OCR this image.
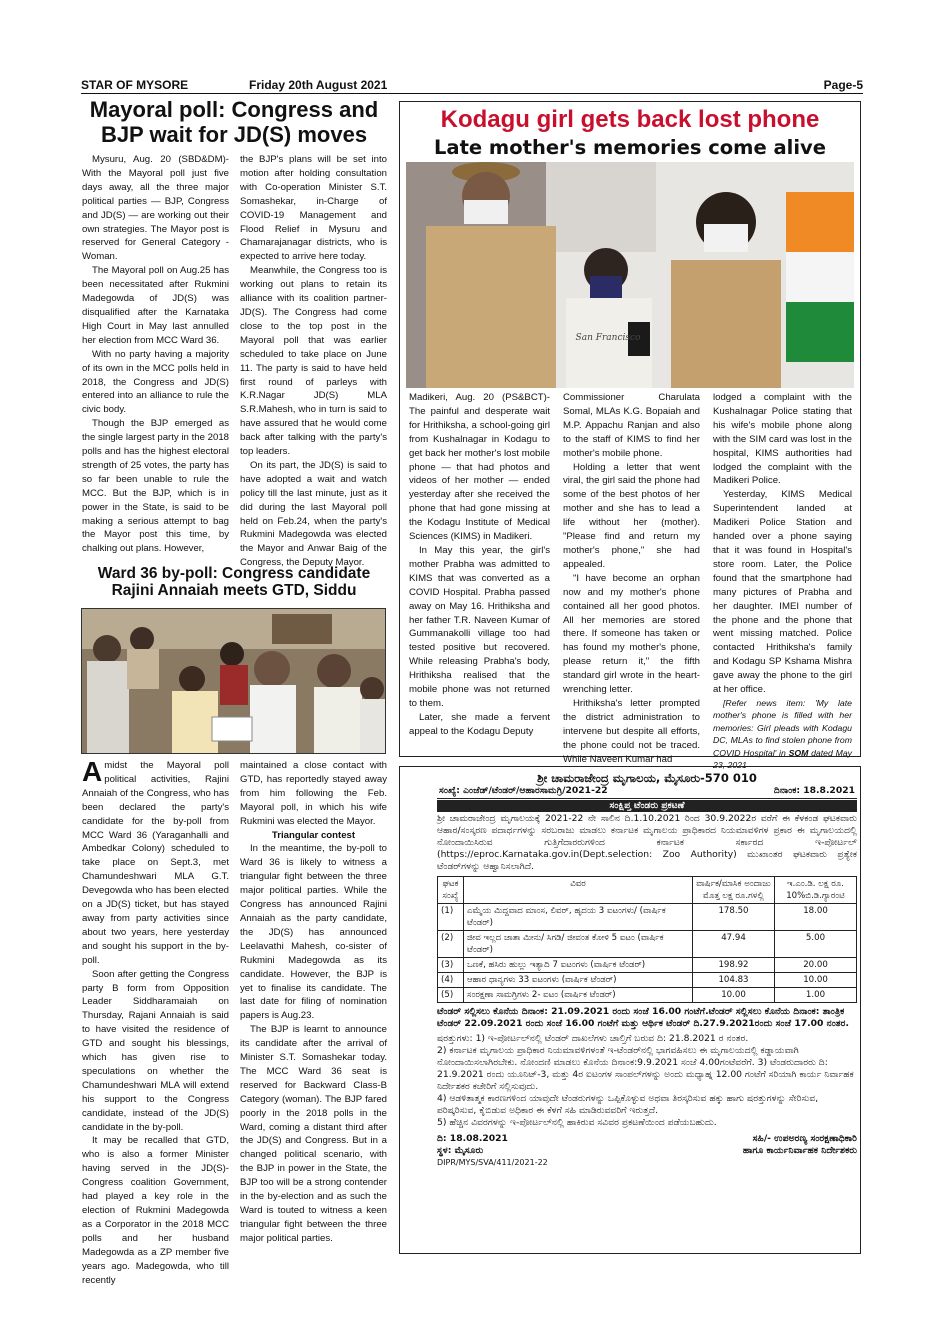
STAR OF MYSORE	Friday 20th August 2021	Page-5
Mayoral poll: Congress and
BJP wait for JD(S) moves

Mysuru, Aug. 20 (SBD&DM)- With the Mayoral poll just five days away, all the three major political parties — BJP, Congress and JD(S) — are working out their own strategies. The Mayor post is reserved for General Category - Woman.

The Mayoral poll on Aug.25 has been necessitated after Rukmini Madegowda of JD(S) was disqualified after the Karnataka High Court in May last annulled her election from MCC Ward 36.

With no party having a majority of its own in the MCC polls held in 2018, the Congress and JD(S) entered into an alliance to rule the civic body.

Though the BJP emerged as the single largest party in the 2018 polls and has the highest electoral strength of 25 votes, the party has so far been unable to rule the MCC. But the BJP, which is in power in the State, is said to be making a serious attempt to bag the Mayor post this time, by chalking out plans. However,

the BJP's plans will be set into motion after holding consultation with Co-operation Minister S.T. Somashekar, in-Charge of COVID-19 Management and Flood Relief in Mysuru and Chamarajanagar districts, who is expected to arrive here today.

Meanwhile, the Congress too is working out plans to retain its alliance with its coalition partner-JD(S). The Congress had come close to the top post in the Mayoral poll that was earlier scheduled to take place on June 11. The party is said to have held first round of parleys with K.R.Nagar JD(S) MLA S.R.Mahesh, who in turn is said to have assured that he would come back after talking with the party's top leaders.

On its part, the JD(S) is said to have adopted a wait and watch policy till the last minute, just as it did during the last Mayoral poll held on Feb.24, when the party's Rukmini Madegowda was elected the Mayor and Anwar Baig of the Congress, the Deputy Mayor.

Ward 36 by-poll: Congress candidate
Rajini Annaiah meets GTD, Siddu

Amidst the Mayoral poll political activities, Rajini Annaiah of the Congress, who has been declared the party's candidate for the by-poll from MCC Ward 36 (Yaraganhalli and Ambedkar Colony) scheduled to take place on Sept.3, met Chamundeshwari MLA G.T. Devegowda who has been elected on a JD(S) ticket, but has stayed away from party activities since about two years, here yesterday and sought his support in the by-poll.

Soon after getting the Congress party B form from Opposition Leader Siddharamaiah on Thursday, Rajani Annaiah is said to have visited the residence of GTD and sought his blessings, which has given rise to speculations on whether the Chamundeshwari MLA will extend his support to the Congress candidate, instead of the JD(S) candidate in the by-poll.

It may be recalled that GTD, who is also a former Minister having served in the JD(S)-Congress coalition Government, had played a key role in the election of Rukmini Madegowda as a Corporator in the 2018 MCC polls and her husband Madegowda as a ZP member five years ago. Madegowda, who till recently

maintained a close contact with GTD, has reportedly stayed away from him following the Feb. Mayoral poll, in which his wife Rukmini was elected the Mayor.

Triangular contest

In the meantime, the by-poll to Ward 36 is likely to witness a triangular fight between the three major political parties. While the Congress has announced Rajini Annaiah as the party candidate, the JD(S) has announced Leelavathi Mahesh, co-sister of Rukmini Madegowda as its candidate. However, the BJP is yet to finalise its candidate. The last date for filing of nomination papers is Aug.23.

The BJP is learnt to announce its candidate after the arrival of Minister S.T. Somashekar today. The MCC Ward 36 seat is reserved for Backward Class-B Category (woman). The BJP fared poorly in the 2018 polls in the Ward, coming a distant third after the JD(S) and Congress. But in a changed political scenario, with the BJP in power in the State, the BJP too will be a strong contender in the by-election and as such the Ward is touted to witness a keen triangular fight between the three major political parties.

Kodagu girl gets back lost phone
Late mother's memories come alive
San Francisco

Madikeri, Aug. 20 (PS&BCT)- The painful and desperate wait for Hrithiksha, a school-going girl from Kushalnagar in Kodagu to get back her mother's lost mobile phone — that had photos and videos of her mother — ended yesterday after she received the phone that had gone missing at the Kodagu Institute of Medical Sciences (KIMS) in Madikeri.

In May this year, the girl's mother Prabha was admitted to KIMS that was converted as a COVID Hospital. Prabha passed away on May 16. Hrithiksha and her father T.R. Naveen Kumar of Gummanakolli village too had tested positive but recovered. While releasing Prabha's body, Hrithiksha realised that the mobile phone was not returned to them.

Later, she made a fervent appeal to the Kodagu Deputy

Commissioner Charulata Somal, MLAs K.G. Bopaiah and M.P. Appachu Ranjan and also to the staff of KIMS to find her mother's mobile phone.

Holding a letter that went viral, the girl said the phone had some of the best photos of her mother and she has to lead a life without her (mother). "Please find and return my mother's phone," she had appealed.

"I have become an orphan now and my mother's phone contained all her good photos. All her memories are stored there. If someone has taken or has found my mother's phone, please return it," the fifth standard girl wrote in the heart-wrenching letter.

Hrithiksha's letter prompted the district administration to intervene but despite all efforts, the phone could not be traced. While Naveen Kumar had

lodged a complaint with the Kushalnagar Police stating that his wife's mobile phone along with the SIM card was lost in the hospital, KIMS authorities had lodged the complaint with the Madikeri Police.

Yesterday, KIMS Medical Superintendent landed at Madikeri Police Station and handed over a phone saying that it was found in Hospital's store room. Later, the Police found that the smartphone had many pictures of Prabha and her daughter. IMEI number of the phone and the phone that went missing matched. Police contacted Hrithiksha's family and Kodagu SP Kshama Mishra gave away the phone to the girl at her office.

[Refer news item: 'My late mother's phone is filled with her memories: Girl pleads with Kodagu DC, MLAs to find stolen phone from COVID Hospital' in SOM dated May 23, 2021

ಶ್ರೀ ಚಾಮರಾಜೇಂದ್ರ ಮೃಗಾಲಯ, ಮೈಸೂರು-570 010
ಸಂಖ್ಯೆ: ಎಂಜೆಡ್‌/ಟೆಂಡರ್‌/ಆಹಾರಸಾಮಗ್ರಿ/2021-22	ದಿನಾಂಕ: 18.8.2021
ಸಂಕ್ಷಿಪ್ತ ಟೆಂಡರು ಪ್ರಕಟಣೆ
ಶ್ರೀ ಚಾಮರಾಜೇಂದ್ರ ಮೃಗಾಲಯಕ್ಕೆ 2021-22 ನೇ ಸಾಲಿನ ದಿ.1.10.2021 ರಿಂದ 30.9.2022ರ ವರೆಗೆ ಈ ಕೆಳಕಂಡ ಘಟಕವಾರು ಆಹಾರ/ಸಂಸ್ಕರಣ ಪದಾರ್ಥಗಳನ್ನು ಸರಬರಾಜು ಮಾಡಲು ಕರ್ನಾಟಕ ಮೃಗಾಲಯ ಪ್ರಾಧಿಕಾರದ ನಿಯಮಾವಳಿಗಳ ಪ್ರಕಾರ ಈ ಮೃಗಾಲಯದಲ್ಲಿ ನೋಂದಾಯಿಸಿರುವ ಗುತ್ತಿಗೆದಾರರುಗಳಿಂದ ಕರ್ನಾಟಕ ಸರ್ಕಾರದ ಇ-ಪೋರ್ಟಲ್ (https://eproc.Karnataka.gov.in(Dept.selection: Zoo Authority) ಮುಖಾಂತರ ಘಟಕವಾರು ಪ್ರತ್ಯೇಕ ಟೆಂಡರ್‌ಗಳನ್ನು ಆಹ್ವಾನಿಸಲಾಗಿದೆ.
ಘಟಕ ಸಂಖ್ಯೆ	ವಿವರ	ವಾರ್ಷಿಕ/ಮಾಸಿಕ ಅಂದಾಜು ಮೊತ್ತ ಲಕ್ಷ ರೂ.ಗಳಲ್ಲಿ	ಇ.ಎಂ.ಡಿ. ಲಕ್ಷ ರೂ. 10%ಬಿ.ಡಿ.ಗ್ಯಾರಂಟಿ
(1)	ಎಮ್ಮೆಯ ಮಿದ್ದವಾದ ಮಾಂಸ, ಲಿವರ್, ಹೃದಯ 3 ಐಟಂಗಳು/ (ವಾರ್ಷಿಕ ಟೆಂಡರ್)	178.50	18.00
(2)	ಜೀವ ಇಲ್ಲದ ಜಾತಾ ಮೀನು/ ಸಿಗಡಿ/ ಜೀವಂತ ಕೋಳಿ 5 ಐಟಂ (ವಾರ್ಷಿಕ ಟೆಂಡರ್)	47.94	5.00
(3)	ಒಣಕೆ, ಹಸಿರು ಹುಲ್ಲು ಇತ್ಯಾದಿ 7 ಐಟಂಗಳು (ವಾರ್ಷಿಕ ಟೆಂಡರ್)	198.92	20.00
(4)	ಆಹಾರ ಧಾನ್ಯಗಳು 33 ಐಟಂಗಳು (ವಾರ್ಷಿಕ ಟೆಂಡರ್)	104.83	10.00
(5)	ಸಂರಕ್ಷಣಾ ಸಾಮಗ್ರಿಗಳು 2- ಐಟಂ (ವಾರ್ಷಿಕ ಟೆಂಡರ್)	10.00	1.00
ಟೆಂಡರ್ ಸಲ್ಲಿಸಲು ಕೊನೆಯ ದಿನಾಂಕ: 21.09.2021 ರಂದು ಸಂಜೆ 16.00 ಗಂಟೆಗೆ.ಟೆಂಡರ್ ಸಲ್ಲಿಸಲು ಕೊನೆಯ ದಿನಾಂಕ: ತಾಂತ್ರಿಕ ಟೆಂಡರ್ 22.09.2021 ರಂದು ಸಂಜೆ 16.00 ಗಂಟೆಗೆ ಮತ್ತು ಆರ್ಥಿಕ ಟೆಂಡರ್ ದಿ.27.9.2021ರಂದು ಸಂಜೆ 17.00 ನಂತರ.
ಷರತ್ತುಗಳು: 1) ಇ-ಪೋರ್ಟಲ್‌ನಲ್ಲಿ ಟೆಂಡರ್ ದಾಖಲೆಗಳು ಚಾಲ್ತಿಗೆ ಬರುವ ದಿ: 21.8.2021 ರ ನಂತರ.
2) ಕರ್ನಾಟಕ ಮೃಗಾಲಯ ಪ್ರಾಧಿಕಾರ ನಿಯಮಾವಳಿಗಳಂತೆ ಇ-ಟೆಂಡರ್‌ನಲ್ಲಿ ಭಾಗವಹಿಸಲು ಈ ಮೃಗಾಲಯದಲ್ಲಿ ಕಡ್ಡಾಯವಾಗಿ ನೋಂದಾಯಿಸಲಾಗಿರಬೇಕು. ನೋಂದಣಿ ಮಾಡಲು ಕೊನೆಯ ದಿನಾಂಕ:9.9.2021 ಸಂಜೆ 4.00ಗಂಟೆವರೆಗೆ. 3) ಟೆಂಡರುದಾರರು ದಿ: 21.9.2021 ರಂದು ಯೂನಿಟ್-3, ಮತ್ತು 4ರ ಐಟಂಗಳ ಸಾಂಪಲ್‌ಗಳನ್ನು ಅಂದು ಮಧ್ಯಾಹ್ನ 12.00 ಗಂಟೆಗೆ ಸರಿಯಾಗಿ ಕಾರ್ಯ ನಿರ್ವಾಹಕ ನಿರ್ದೇಶಕರ ಕಚೇರಿಗೆ ಸಲ್ಲಿಸುವುದು.
4) ಆಡಳಿತಾತ್ಮಕ ಕಾರಣಗಳಿಂದ ಯಾವುದೇ ಟೆಂಡರುಗಳನ್ನು ಒಪ್ಪಿಕೊಳ್ಳುವ ಅಥವಾ ತಿರಸ್ಕರಿಸುವ ಹಕ್ಕು ಹಾಗು ಷರತ್ತುಗಳನ್ನು ಸೇರಿಸುವ, ಪರಿಷ್ಕರಿಸುವ, ಕೈಬಿಡುವ ಅಧಿಕಾರ ಈ ಕೆಳಗೆ ಸಹಿ ಮಾಡಿರುವವರಿಗೆ ಇರುತ್ತದೆ.
5) ಹೆಚ್ಚಿನ ವಿವರಗಳನ್ನು ಇ-ಪೋರ್ಟಲ್‌ನಲ್ಲಿ ಹಾಕಿರುವ ಸವಿವರ ಪ್ರಕಟಣೆಯಿಂದ ಪಡೆಯಬಹುದು.
ದಿ: 18.08.2021
ಸ್ಥಳ: ಮೈಸೂರು
ಸಹಿ/- ಉಪಅರಣ್ಯ ಸಂರಕ್ಷಣಾಧಿಕಾರಿ
ಹಾಗೂ ಕಾರ್ಯನಿರ್ವಾಹಕ ನಿರ್ದೇಶಕರು
DIPR/MYS/SVA/411/2021-22
